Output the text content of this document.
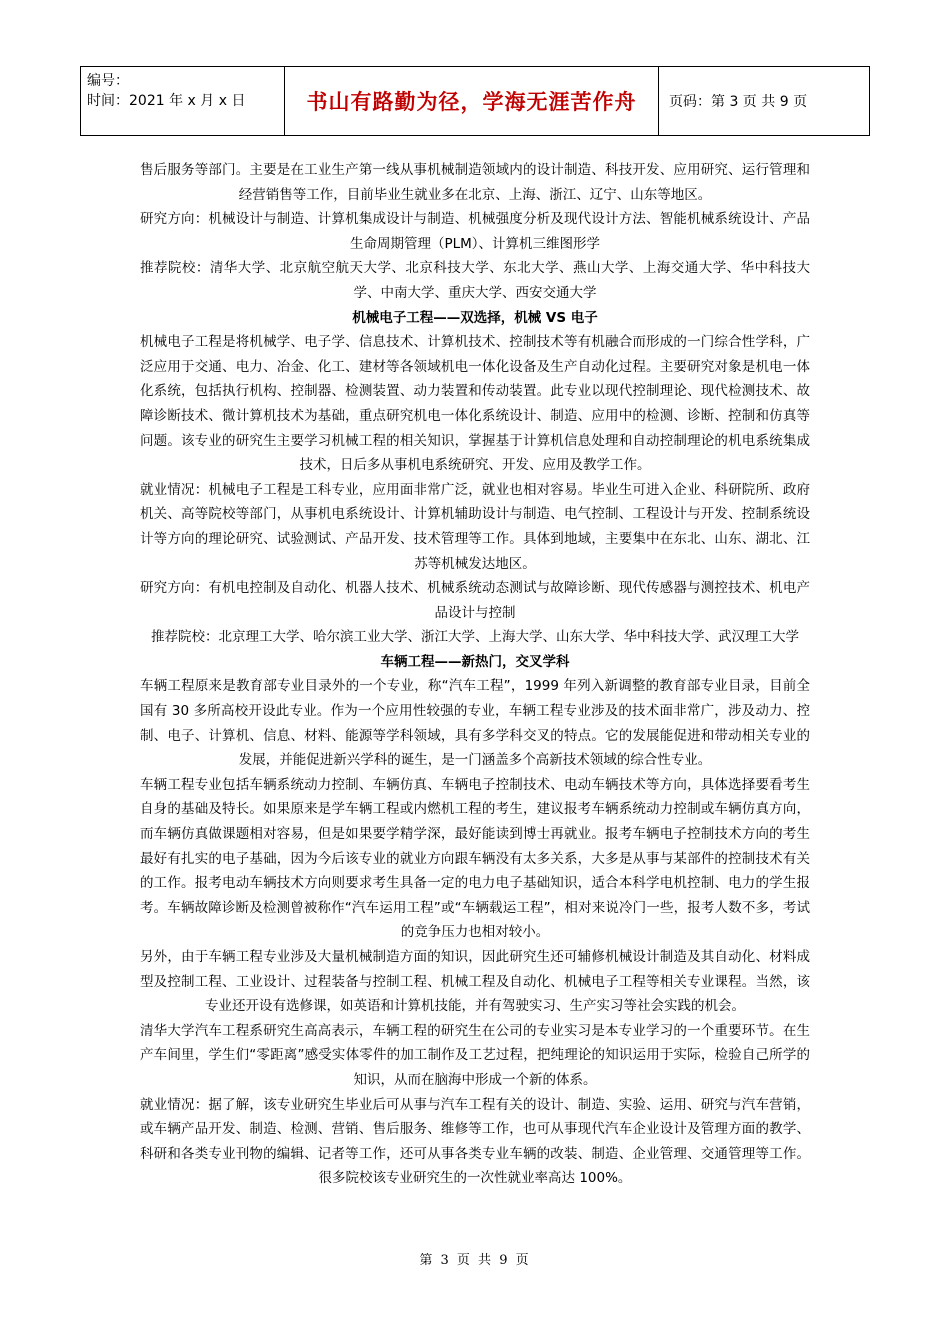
编号：
时间：2021 年 x 月 x 日	书山有路勤为径，学海无涯苦作舟	页码：第 3 页 共 9 页

售后服务等部门。主要是在工业生产第一线从事机械制造领域内的设计制造、科技开发、应用研究、运行管理和经营销售等工作，目前毕业生就业多在北京、上海、浙江、辽宁、山东等地区。

研究方向：机械设计与制造、计算机集成设计与制造、机械强度分析及现代设计方法、智能机械系统设计、产品生命周期管理（PLM）、计算机三维图形学

推荐院校：清华大学、北京航空航天大学、北京科技大学、东北大学、燕山大学、上海交通大学、华中科技大学、中南大学、重庆大学、西安交通大学

机械电子工程——双选择，机械 VS 电子

机械电子工程是将机械学、电子学、信息技术、计算机技术、控制技术等有机融合而形成的一门综合性学科，广泛应用于交通、电力、冶金、化工、建材等各领域机电一体化设备及生产自动化过程。主要研究对象是机电一体化系统，包括执行机构、控制器、检测装置、动力装置和传动装置。此专业以现代控制理论、现代检测技术、故障诊断技术、微计算机技术为基础，重点研究机电一体化系统设计、制造、应用中的检测、诊断、控制和仿真等问题。该专业的研究生主要学习机械工程的相关知识，掌握基于计算机信息处理和自动控制理论的机电系统集成技术，日后多从事机电系统研究、开发、应用及教学工作。

就业情况：机械电子工程是工科专业，应用面非常广泛，就业也相对容易。毕业生可进入企业、科研院所、政府机关、高等院校等部门，从事机电系统设计、计算机辅助设计与制造、电气控制、工程设计与开发、控制系统设计等方向的理论研究、试验测试、产品开发、技术管理等工作。具体到地域，主要集中在东北、山东、湖北、江苏等机械发达地区。

研究方向：有机电控制及自动化、机器人技术、机械系统动态测试与故障诊断、现代传感器与测控技术、机电产品设计与控制

推荐院校：北京理工大学、哈尔滨工业大学、浙江大学、上海大学、山东大学、华中科技大学、武汉理工大学

车辆工程——新热门，交叉学科

车辆工程原来是教育部专业目录外的一个专业，称“汽车工程”，1999 年列入新调整的教育部专业目录，目前全国有 30 多所高校开设此专业。作为一个应用性较强的专业，车辆工程专业涉及的技术面非常广，涉及动力、控制、电子、计算机、信息、材料、能源等学科领域，具有多学科交叉的特点。它的发展能促进和带动相关专业的发展，并能促进新兴学科的诞生，是一门涵盖多个高新技术领域的综合性专业。

车辆工程专业包括车辆系统动力控制、车辆仿真、车辆电子控制技术、电动车辆技术等方向，具体选择要看考生自身的基础及特长。如果原来是学车辆工程或内燃机工程的考生，建议报考车辆系统动力控制或车辆仿真方向，而车辆仿真做课题相对容易，但是如果要学精学深，最好能读到博士再就业。报考车辆电子控制技术方向的考生最好有扎实的电子基础，因为今后该专业的就业方向跟车辆没有太多关系，大多是从事与某部件的控制技术有关的工作。报考电动车辆技术方向则要求考生具备一定的电力电子基础知识，适合本科学电机控制、电力的学生报考。车辆故障诊断及检测曾被称作“汽车运用工程”或“车辆载运工程”，相对来说冷门一些，报考人数不多，考试的竞争压力也相对较小。

另外，由于车辆工程专业涉及大量机械制造方面的知识，因此研究生还可辅修机械设计制造及其自动化、材料成型及控制工程、工业设计、过程装备与控制工程、机械工程及自动化、机械电子工程等相关专业课程。当然，该专业还开设有选修课，如英语和计算机技能，并有驾驶实习、生产实习等社会实践的机会。

清华大学汽车工程系研究生高高表示，车辆工程的研究生在公司的专业实习是本专业学习的一个重要环节。在生产车间里，学生们“零距离”感受实体零件的加工制作及工艺过程，把纯理论的知识运用于实际，检验自己所学的知识，从而在脑海中形成一个新的体系。

就业情况：据了解，该专业研究生毕业后可从事与汽车工程有关的设计、制造、实验、运用、研究与汽车营销，或车辆产品开发、制造、检测、营销、售后服务、维修等工作，也可从事现代汽车企业设计及管理方面的教学、科研和各类专业刊物的编辑、记者等工作，还可从事各类专业车辆的改装、制造、企业管理、交通管理等工作。很多院校该专业研究生的一次性就业率高达 100%。

第 3 页 共 9 页
